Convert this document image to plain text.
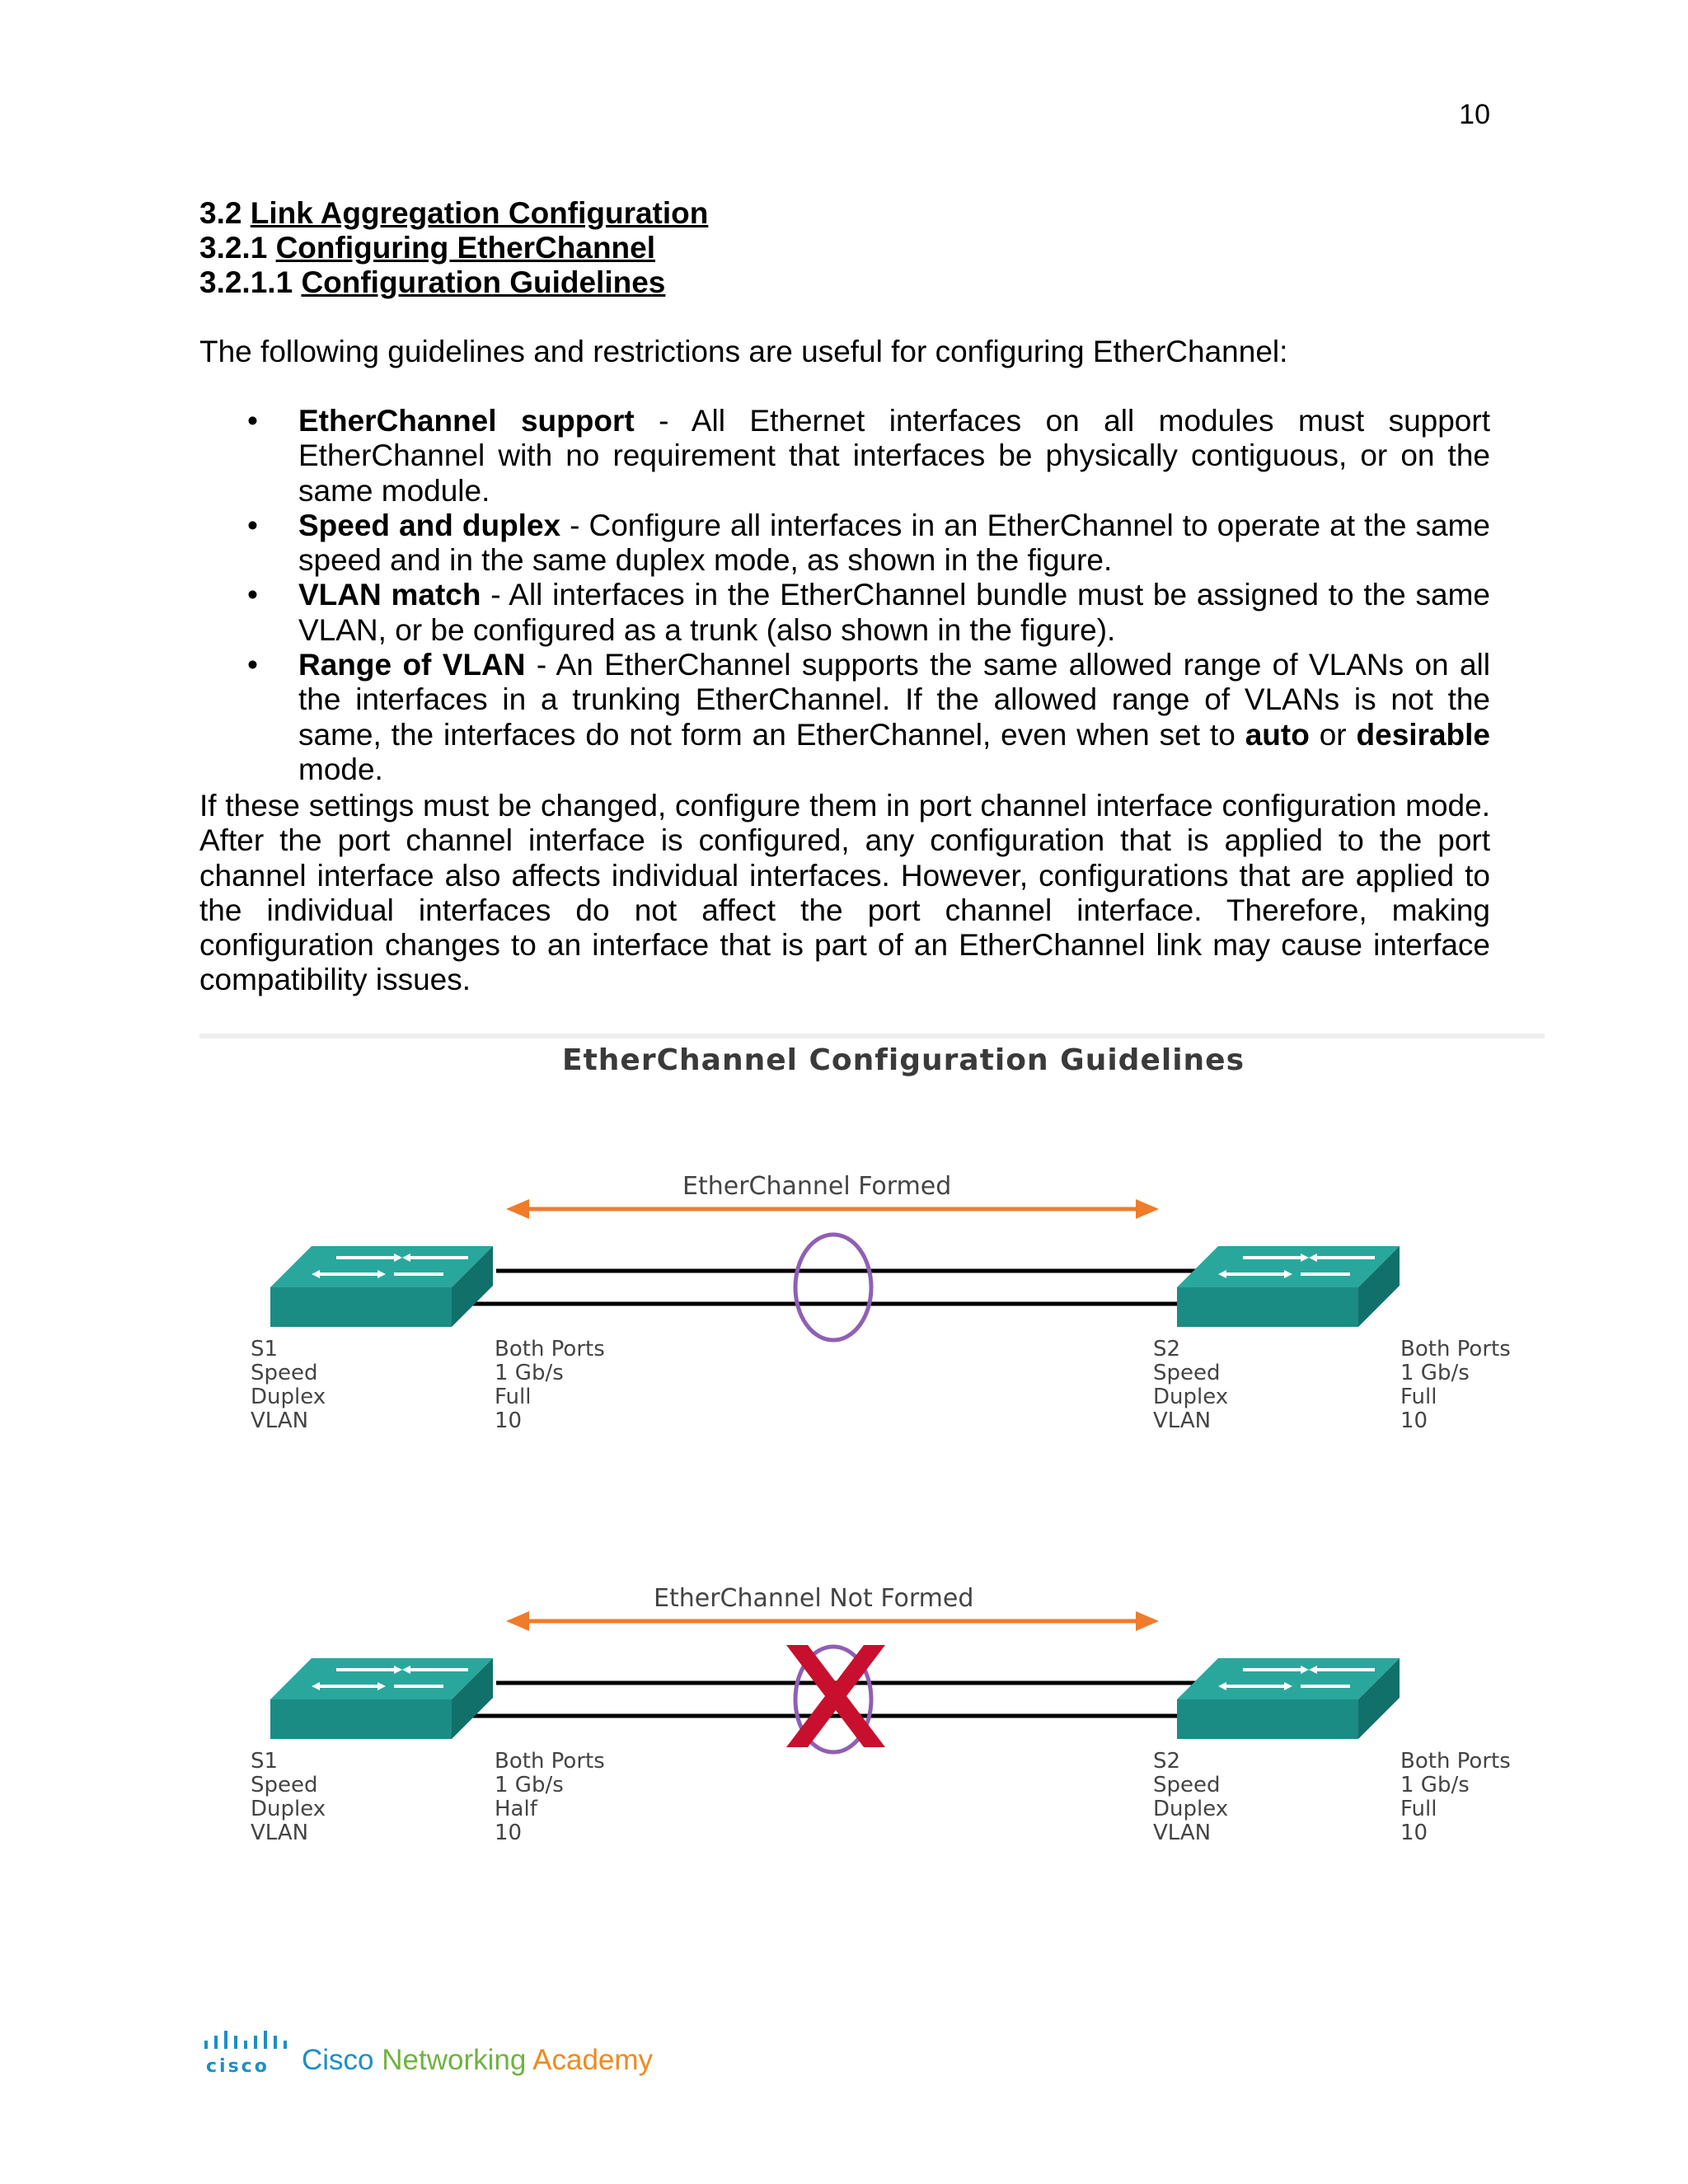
10

3.2 Link Aggregation Configuration

3.2.1 Configuring EtherChannel

3.2.1.1 Configuration Guidelines

The following guidelines and restrictions are useful for configuring EtherChannel:

• EtherChannel support - All Ethernet interfaces on all modules must support EtherChannel with no requirement that interfaces be physically contiguous, or on the same module.
• Speed and duplex - Configure all interfaces in an EtherChannel to operate at the same speed and in the same duplex mode, as shown in the figure.
• VLAN match - All interfaces in the EtherChannel bundle must be assigned to the same VLAN, or be configured as a trunk (also shown in the figure).
• Range of VLAN - An EtherChannel supports the same allowed range of VLANs on all the interfaces in a trunking EtherChannel. If the allowed range of VLANs is not the same, the interfaces do not form an EtherChannel, even when set to auto or desirable mode.

If these settings must be changed, configure them in port channel interface configuration mode. After the port channel interface is configured, any configuration that is applied to the port channel interface also affects individual interfaces. However, configurations that are applied to the individual interfaces do not affect the port channel interface. Therefore, making configuration changes to an interface that is part of an EtherChannel link may cause interface compatibility issues.

EtherChannel Configuration Guidelines
EtherChannel Formed
S1
Speed
Duplex
VLAN
Both Ports
1 Gb/s
Full
10
S2
Speed
Duplex
VLAN
Both Ports
1 Gb/s
Full
10
EtherChannel Not Formed
S1
Speed
Duplex
VLAN
Both Ports
1 Gb/s
Half
10
S2
Speed
Duplex
VLAN
Both Ports
1 Gb/s
Full
10
cisco Cisco Networking Academy
